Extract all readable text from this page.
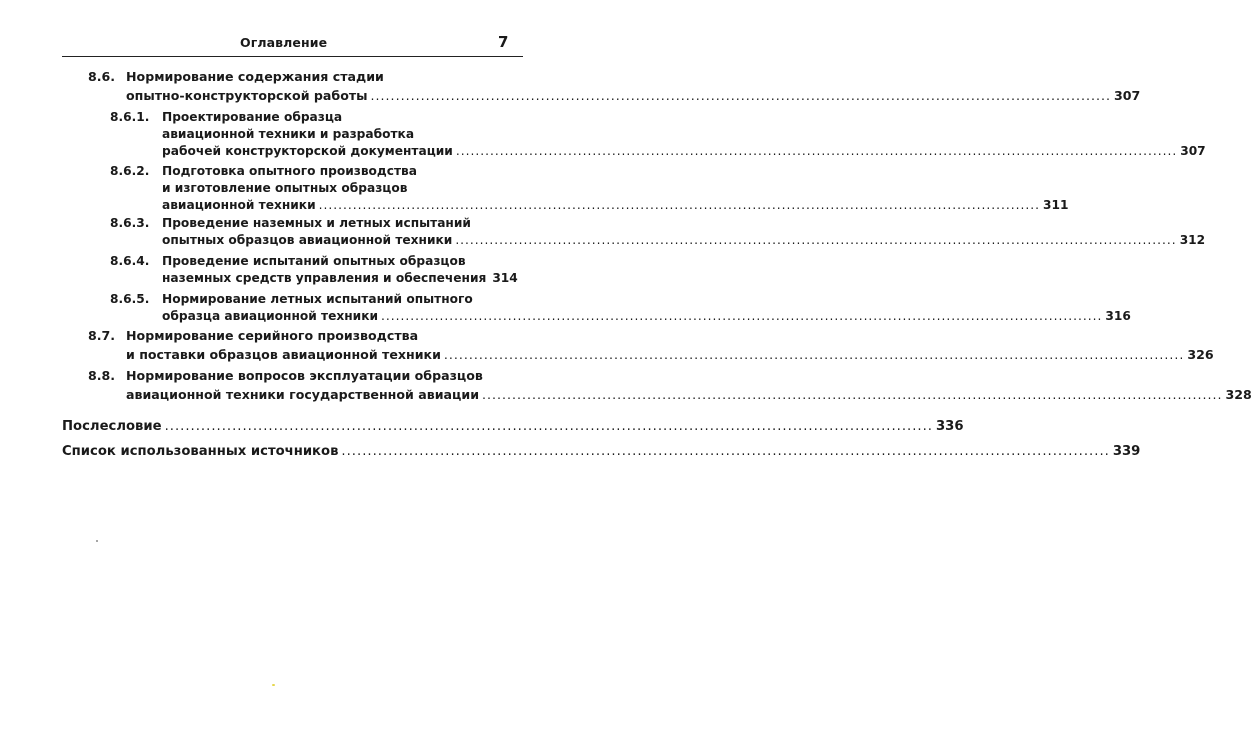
Оглавление	7
8.6. Нормирование содержания стадии
опытно-конструкторской работы .................................................................................................................................................... 307
8.6.1. Проектирование образца
авиационной техники и разработка
рабочей конструкторской документации .................................................................................................................................................... 307
8.6.2. Подготовка опытного производства
и изготовление опытных образцов
авиационной техники .................................................................................................................................................... 311
8.6.3. Проведение наземных и летных испытаний
опытных образцов авиационной техники .................................................................................................................................................... 312
8.6.4. Проведение испытаний опытных образцов
наземных средств управления и обеспечения 314
8.6.5. Нормирование летных испытаний опытного
образца авиационной техники .................................................................................................................................................... 316
8.7. Нормирование серийного производства
и поставки образцов авиационной техники .................................................................................................................................................... 326
8.8. Нормирование вопросов эксплуатации образцов
авиационной техники государственной авиации .................................................................................................................................................... 328
Послесловие .................................................................................................................................................... 336
Список использованных источников .................................................................................................................................................... 339
